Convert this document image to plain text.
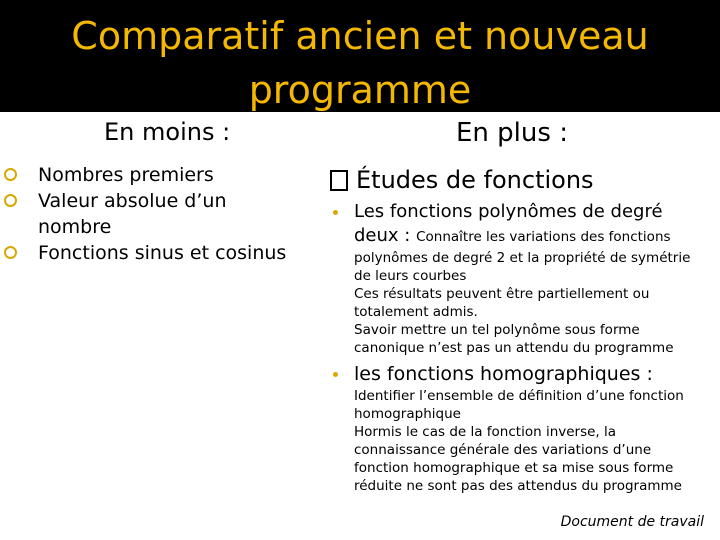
Comparatif ancien et nouveau
programme
En moins :	En plus :
Nombres premiers
Valeur absolue d’un
nombre
Fonctions sinus et cosinus
Études de fonctions
Les fonctions polynômes de degré
deux : Connaître les variations des fonctions
polynômes de degré 2 et la propriété de symétrie
de leurs courbes
Ces résultats peuvent être partiellement ou
totalement admis.
Savoir mettre un tel polynôme sous forme
canonique n’est pas un attendu du programme
les fonctions homographiques :
Identifier l’ensemble de définition d’une fonction
homographique
Hormis le cas de la fonction inverse, la
connaissance générale des variations d’une
fonction homographique et sa mise sous forme
réduite ne sont pas des attendus du programme
Document de travail
